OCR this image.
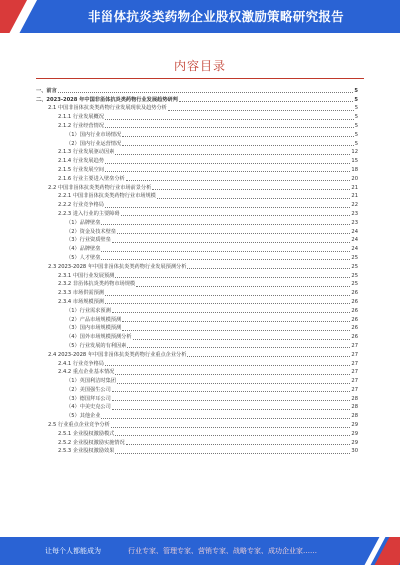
非甾体抗炎类药物企业股权激励策略研究报告
内容目录
一、前言	5
二、2023-2028 年中国非甾体抗炎类药物行业发展趋势研判	5
2.1 中国非甾体抗炎类药物行业发展现状及趋势分析	5
2.1.1 行业发展概况	5
2.1.2 行业经营情况	5
（1）国内行业市场情况	5
（2）国内行业运营情况	5
2.1.3 行业发展驱动因素	12
2.1.4 行业发展趋势	15
2.1.5 行业发展空间	18
2.1.6 行业主要进入壁垒分析	20
2.2 中国非甾体抗炎类药物行业市场前景分析	21
2.2.1 中国非甾体抗炎类药物行业市场规模	21
2.2.2 行业竞争格局	22
2.2.3 进入行业的主要障碍	23
（1）品牌壁垒	23
（2）资金及技术壁垒	24
（3）行业资质壁垒	24
（4）品牌壁垒	24
（5）人才壁垒	25
2.3 2023-2028 年中国非甾体抗炎类药物行业发展预测分析	25
2.3.1 中国行业发展预测	25
2.3.2 非甾体抗炎类药物市场规模	25
2.3.3 市场供需预测	26
2.3.4 市场规模预测	26
（1）行业需求预测	26
（2）产品市场规模预测	26
（3）国内市场规模预测	26
（4）国外市场规模预测分析	26
（5）行业发展的有利因素	27
2.4 2023-2028 年中国非甾体抗炎类药物行业重点企业分析	27
2.4.1 行业竞争格局	27
2.4.2 重点企业基本情况	27
（1）英国利洁时集团	27
（2）美国强生公司	27
（3）德国拜耳公司	28
（4）中美史克公司	28
（5）其他企业	28
2.5 行业重点企业竞争分析	29
2.5.1 企业股权激励模式	29
2.5.2 企业股权激励实施情况	29
2.5.3 企业股权激励效果	30
让每个人都能成为	行业专家、管理专家、营销专家、战略专家、成功企业家……
